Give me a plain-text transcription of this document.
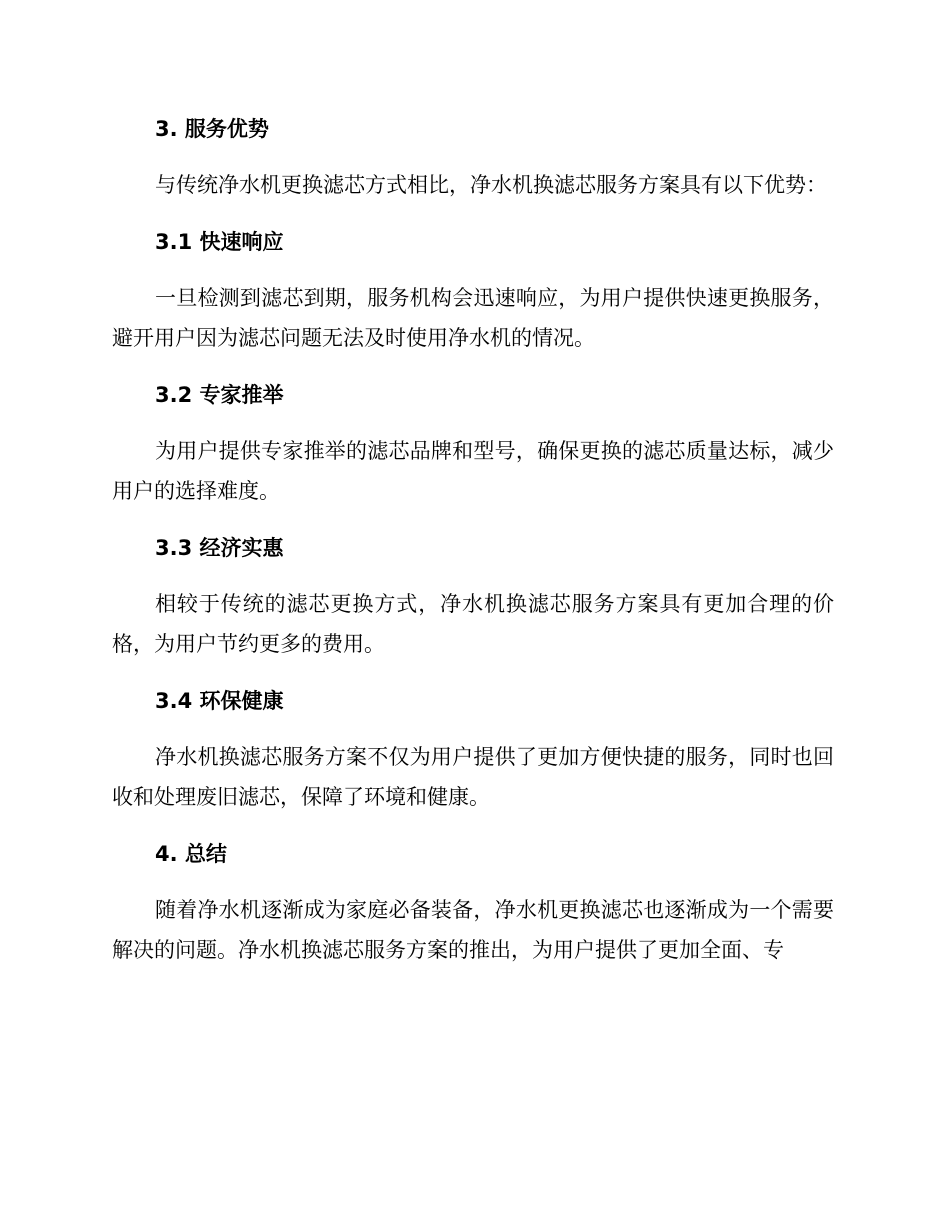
3. 服务优势
与传统净水机更换滤芯方式相比，净水机换滤芯服务方案具有以下优势：
3.1 快速响应
一旦检测到滤芯到期，服务机构会迅速响应，为用户提供快速更换服务，避开用户因为滤芯问题无法及时使用净水机的情况。
3.2 专家推举
为用户提供专家推举的滤芯品牌和型号，确保更换的滤芯质量达标，减少用户的选择难度。
3.3 经济实惠
相较于传统的滤芯更换方式，净水机换滤芯服务方案具有更加合理的价格，为用户节约更多的费用。
3.4 环保健康
净水机换滤芯服务方案不仅为用户提供了更加方便快捷的服务，同时也回收和处理废旧滤芯，保障了环境和健康。
4. 总结
随着净水机逐渐成为家庭必备装备，净水机更换滤芯也逐渐成为一个需要解决的问题。净水机换滤芯服务方案的推出，为用户提供了更加全面、专
